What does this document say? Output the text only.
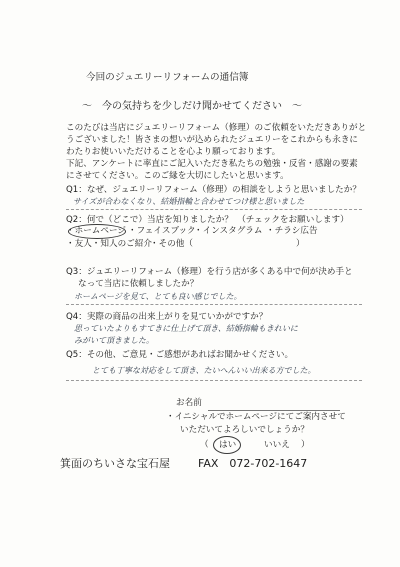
今回のジュエリーリフォームの通信簿
～　今の気持ちを少しだけ聞かせてください　～
このたびは当店にジュエリーリフォーム（修理）のご依頼をいただきありがと
うございました！皆さまの想いが込められたジュエリーをこれからも永きに
わたりお使いいただけることを心より願っております。
下記、アンケートに率直にご記入いただき私たちの勉強・反省・感謝の要素
にさせてください。このご縁を大切にしたいと思います。
Q1：なぜ、ジュエリーリフォーム（修理）の相談をしようと思いましたか？
サイズが合わなくなり、結婚指輪と合わせてつけ様と思いました
Q2：何で（どこで）当店を知りましたか？　（チェックをお願いします）
・ホームページ ・フェイスブック
・インスタグラム ・チラシ広告
・友人・知人のご紹介
・その他（	）
Q3：ジュエリーリフォーム（修理）を行う店が多くある中で何が決め手と
なって当店に依頼しましたか？
ホームページを見て、とても良い感じでした。
Q4：実際の商品の出来上がりを見ていかがですか？
思っていたよりもすてきに仕上げて頂き、結婚指輪もきれいに
みがいて頂きました。
Q5：その他、ご意見・ご感想があればお聞かせください。
とても丁寧な対応をして頂き、たいへんいい出来る方でした。
お名前
・イニシャルでホームページにてご案内させて
いただいてよろしいでしょうか？
（ はい	いいえ ）
箕面のちいさな宝石屋	FAX　072-702-1647
